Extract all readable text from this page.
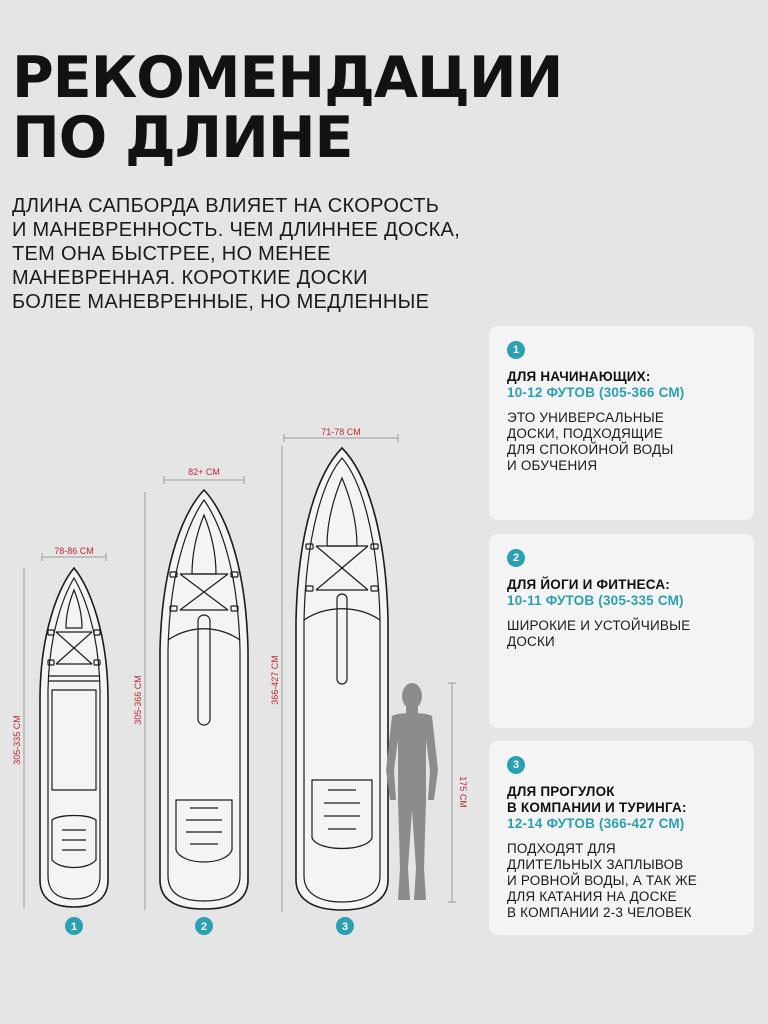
РЕКОМЕНДАЦИИ
ПО ДЛИНЕ
ДЛИНА САПБОРДА ВЛИЯЕТ НА СКОРОСТЬ
И МАНЕВРЕННОСТЬ. ЧЕМ ДЛИННЕЕ ДОСКА,
ТЕМ ОНА БЫСТРЕЕ, НО МЕНЕЕ
МАНЕВРЕННАЯ. КОРОТКИЕ ДОСКИ
БОЛЕЕ МАНЕВРЕННЫЕ, НО МЕДЛЕННЫЕ
1
ДЛЯ НАЧИНАЮЩИХ:
10-12 ФУТОВ (305-366 СМ)
ЭТО УНИВЕРСАЛЬНЫЕ
ДОСКИ, ПОДХОДЯЩИЕ
ДЛЯ СПОКОЙНОЙ ВОДЫ
И ОБУЧЕНИЯ
2
ДЛЯ ЙОГИ И ФИТНЕСА:
10-11 ФУТОВ (305-335 СМ)
ШИРОКИЕ И УСТОЙЧИВЫЕ
ДОСКИ
3
ДЛЯ ПРОГУЛОК
В КОМПАНИИ И ТУРИНГА:
12-14 ФУТОВ (366-427 СМ)
ПОДХОДЯТ ДЛЯ
ДЛИТЕЛЬНЫХ ЗАПЛЫВОВ
И РОВНОЙ ВОДЫ, А ТАК ЖЕ
ДЛЯ КАТАНИЯ НА ДОСКЕ
В КОМПАНИИ 2-3 ЧЕЛОВЕК
78-86 СМ
305-335 СМ
1
82+ СМ
305-366 СМ
2
71-78 СМ
366-427 СМ
3
175 СМ
